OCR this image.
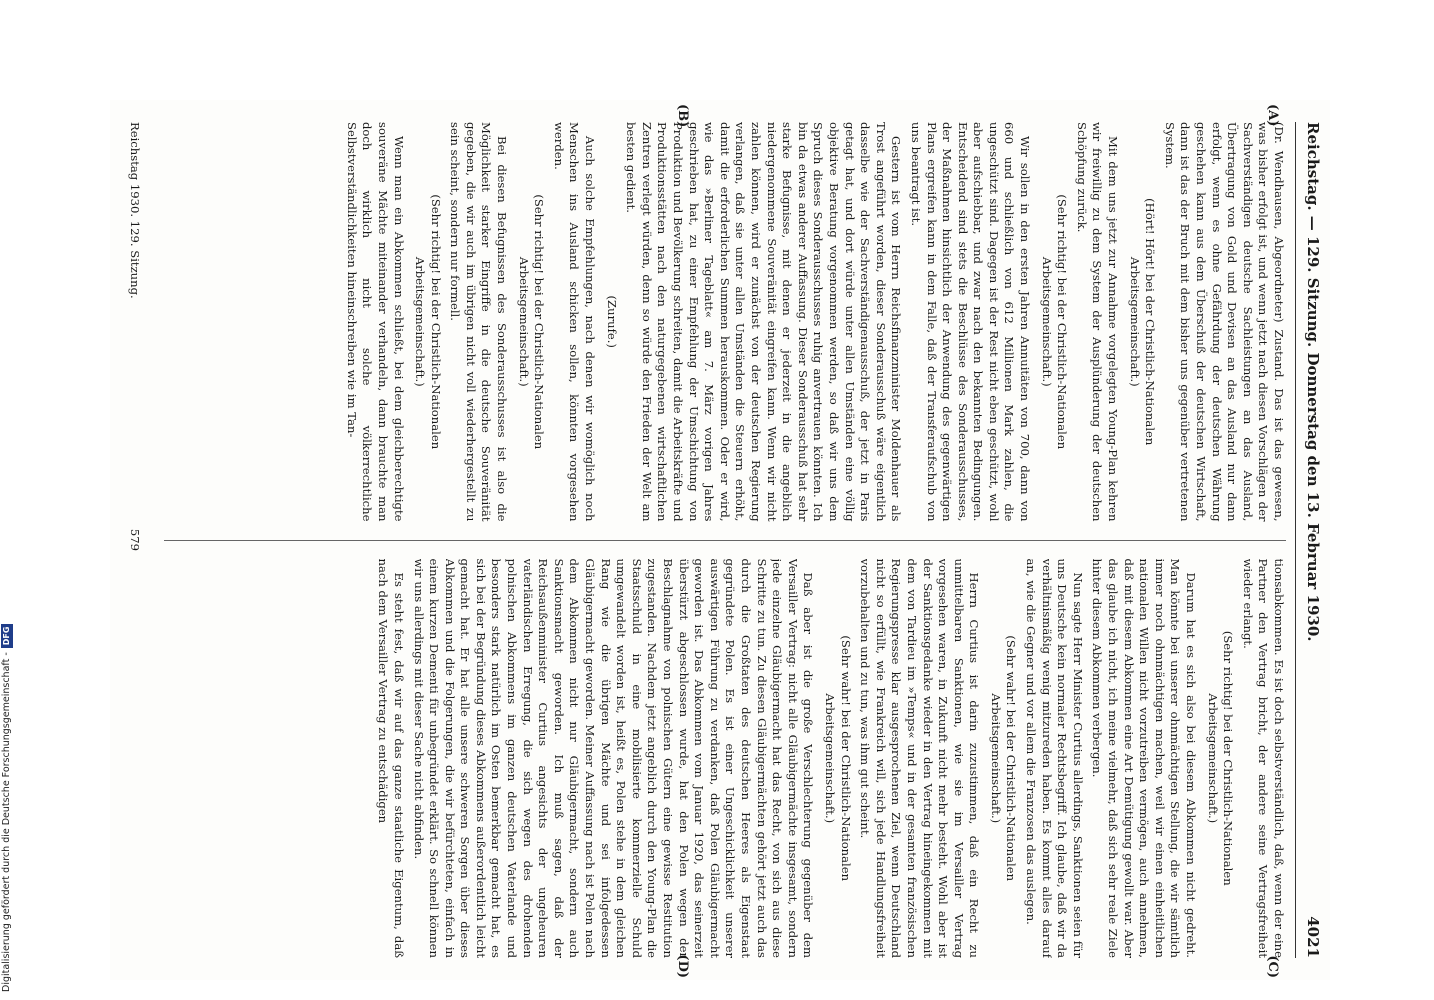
Reichstag. — 129. Sitzung. Donnerstag den 13. Februar 1930.
4021
(A)
(B)
(C)
(D)

(Dr. Wendhausen, Abgeordneter) Zustand. Das ist das gewesen, was bisher erfolgt ist, und wenn jetzt nach diesen Vorschlägen der Sachverständigen deutsche Sachleistungen an das Ausland, Übertragung von Gold und Devisen an das Ausland nur dann erfolgt, wenn es ohne Gefährdung der deutschen Währung geschehen kann aus dem Überschuß der deutschen Wirtschaft, dann ist das der Bruch mit dem bisher uns gegenüber vertretenen System.

(Hört! Hört! bei der Christlich-Nationalen Arbeitsgemeinschaft.)

Mit dem uns jetzt zur Annahme vorgelegten Young-Plan kehren wir freiwillig zu dem System der Ausplünderung der deutschen Schöpfung zurück.

(Sehr richtig! bei der Christlich-Nationalen Arbeitsgemeinschaft.)

Wir sollen in den ersten Jahren Annuitäten von 700, dann von 660 und schließlich von 612 Millionen Mark zahlen, die ungeschützt sind. Dagegen ist der Rest nicht eben geschützt, wohl aber aufschiebbar, und zwar nach den bekannten Bedingungen. Entscheidend sind stets die Beschlüsse des Sonderausschusses, der Maßnahmen hinsichtlich der Anwendung des gegenwärtigen Plans ergreifen kann in dem Falle, daß der Transferaufschub von uns beantragt ist.

Gestern ist vom Herrn Reichsfinanzminister Moldenhauer als Trost angeführt worden, dieser Sonderausschuß wäre eigentlich dasselbe wie der Sachverständigenausschuß, der jetzt in Paris getagt hat, und dort würde unter allen Umständen eine völlig objektive Beratung vorgenommen werden, so daß wir uns dem Spruch dieses Sonderausschusses ruhig anvertrauen könnten. Ich bin da etwas anderer Auffassung. Dieser Sonderausschuß hat sehr starke Befugnisse, mit denen er jederzeit in die angeblich niedergenommene Souveränität eingreifen kann. Wenn wir nicht zahlen können, wird er zunächst von der deutschen Regierung verlangen, daß sie unter allen Umständen die Steuern erhöht, damit die erforderlichen Summen herauskommen. Oder er wird, wie das »Berliner Tageblatt« am 7. März vorigen Jahres geschrieben hat, zu einer Empfehlung der Umschichtung von Produktion und Bevölkerung schreiten, damit die Arbeitskräfte und Produktionsstätten nach den naturgegebenen wirtschaftlichen Zentren verlegt würden, denn so würde den Frieden der Welt am besten gedient.

(Zurufe.)

Auch solche Empfehlungen, nach denen wir womöglich noch Menschen ins Ausland schicken sollen, könnten vorgesehen werden.

(Sehr richtig! bei der Christlich-Nationalen Arbeitsgemeinschaft.)

Bei diesen Befugnissen des Sonderausschusses ist also die Möglichkeit starker Eingriffe in die deutsche Souveränität gegeben, die wir auch im übrigen nicht voll wiederhergestellt zu sein scheint, sondern nur formell.

(Sehr richtig! bei der Christlich-Nationalen Arbeitsgemeinschaft.)

Wenn man ein Abkommen schließt, bei dem gleichberechtigte souveräne Mächte miteinander verhandeln, dann brauchte man doch wirklich nicht solche völkerrechtliche Selbstverständlichkeiten hineinschreiben wie im Tan-

tionsabkommen. Es ist doch selbstverständlich, daß, wenn der eine Partner den Vertrag bricht, der andere seine Vertragsfreiheit wieder erlangt.

(Sehr richtig! bei der Christlich-Nationalen Arbeitsgemeinschaft.)

Darum hat es sich also bei diesem Abkommen nicht gedreht. Man könnte bei unserer ohnmächtigen Stellung, die wir sämtlich immer noch ohnmächtigen machen, weil wir einen einheitlichen nationalen Willen nicht vorzutreiben vermögen, auch annehmen, daß mit diesem Abkommen eine Art Demütigung gewollt war. Aber das glaube ich nicht, ich meine vielmehr, daß sich sehr reale Ziele hinter diesem Abkommen verbergen.

Nun sagte Herr Minister Curtius allerdings, Sanktionen seien für uns Deutsche kein normaler Rechtsbegriff. Ich glaube, daß wir da verhältnismäßig wenig mitzureden haben. Es kommt alles darauf an, wie die Gegner und vor allem die Franzosen das auslegen.

(Sehr wahr! bei der Christlich-Nationalen Arbeitsgemeinschaft.)

Herrn Curtius ist darin zuzustimmen, daß ein Recht zu unmittelbaren Sanktionen, wie sie im Versailler Vertrag vorgesehen waren, in Zukunft nicht mehr besteht. Wohl aber ist der Sanktionsgedanke wieder in den Vertrag hineingekommen mit dem von Tardieu im »Temps« und in der gesamten französischen Regierungspresse klar ausgesprochenen Ziel, wenn Deutschland nicht so erfüllt, wie Frankreich will, sich jede Handlungsfreiheit vorzubehalten und zu tun, was ihm gut scheint.

(Sehr wahr! bei der Christlich-Nationalen Arbeitsgemeinschaft.)

Daß aber ist die große Verschlechterung gegenüber dem Versailler Vertrag: nicht alle Gläubigermächte insgesamt, sondern jede einzelne Gläubigermacht hat das Recht, von sich aus diese Schritte zu tun. Zu diesen Gläubigermächten gehört jetzt auch das durch die Großtaten des deutschen Heeres als Eigenstaat gegründete Polen. Es ist einer Ungeschicklichkeit unserer auswärtigen Führung zu verdanken, daß Polen Gläubigermacht geworden ist. Das Abkommen vom Januar 1920, das seinerzeit überstürzt abgeschlossen wurde, hat den Polen wegen der Beschlagnahme von polnischen Gütern eine gewisse Restitution zugestanden. Nachdem jetzt angeblich durch den Young-Plan die Staatsschuld in eine mobilisierte kommerzielle Schuld umgewandelt worden ist, heißt es, Polen stehe in dem gleichen Rang wie die übrigen Mächte und sei infolgedessen Gläubigermacht geworden. Meiner Auffassung nach ist Polen nach dem Abkommen nicht nur Gläubigermacht, sondern auch Sanktionsmacht geworden. Ich muß sagen, daß der Reichsaußenminister Curtius angesichts der ungeheuren vaterländischen Erregung, die sich wegen des drohenden polnischen Abkommens im ganzen deutschen Vaterlande und besonders stark natürlich im Osten bemerkbar gemacht hat, es sich bei der Begründung dieses Abkommens außerordentlich leicht gemacht hat. Er hat alle unsere schweren Sorgen über dieses Abkommen und die Folgerungen, die wir befürchteten, einfach in einem kurzen Dementi für unbegründet erklärt. So schnell können wir uns allerdings mit dieser Sache nicht abfinden.

Es steht fest, daß wir auf das ganze staatliche Eigentum, daß nach dem Versailler Vertrag zu entschädigen

Reichstag 1930. 129. Sitzung.
579
Digitalisierung gefördert durch die Deutsche Forschungsgemeinschaft -
DFG
